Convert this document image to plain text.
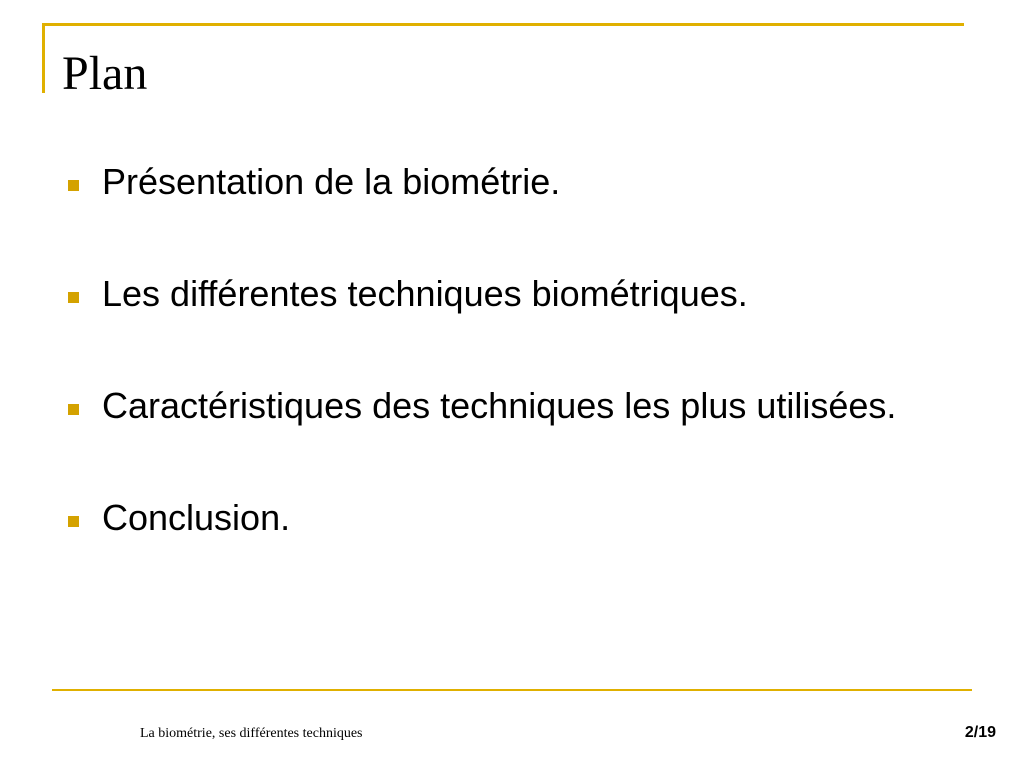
Plan
Présentation de la biométrie.
Les différentes techniques biométriques.
Caractéristiques des techniques les plus utilisées.
Conclusion.
La biométrie, ses différentes techniques	2/19
